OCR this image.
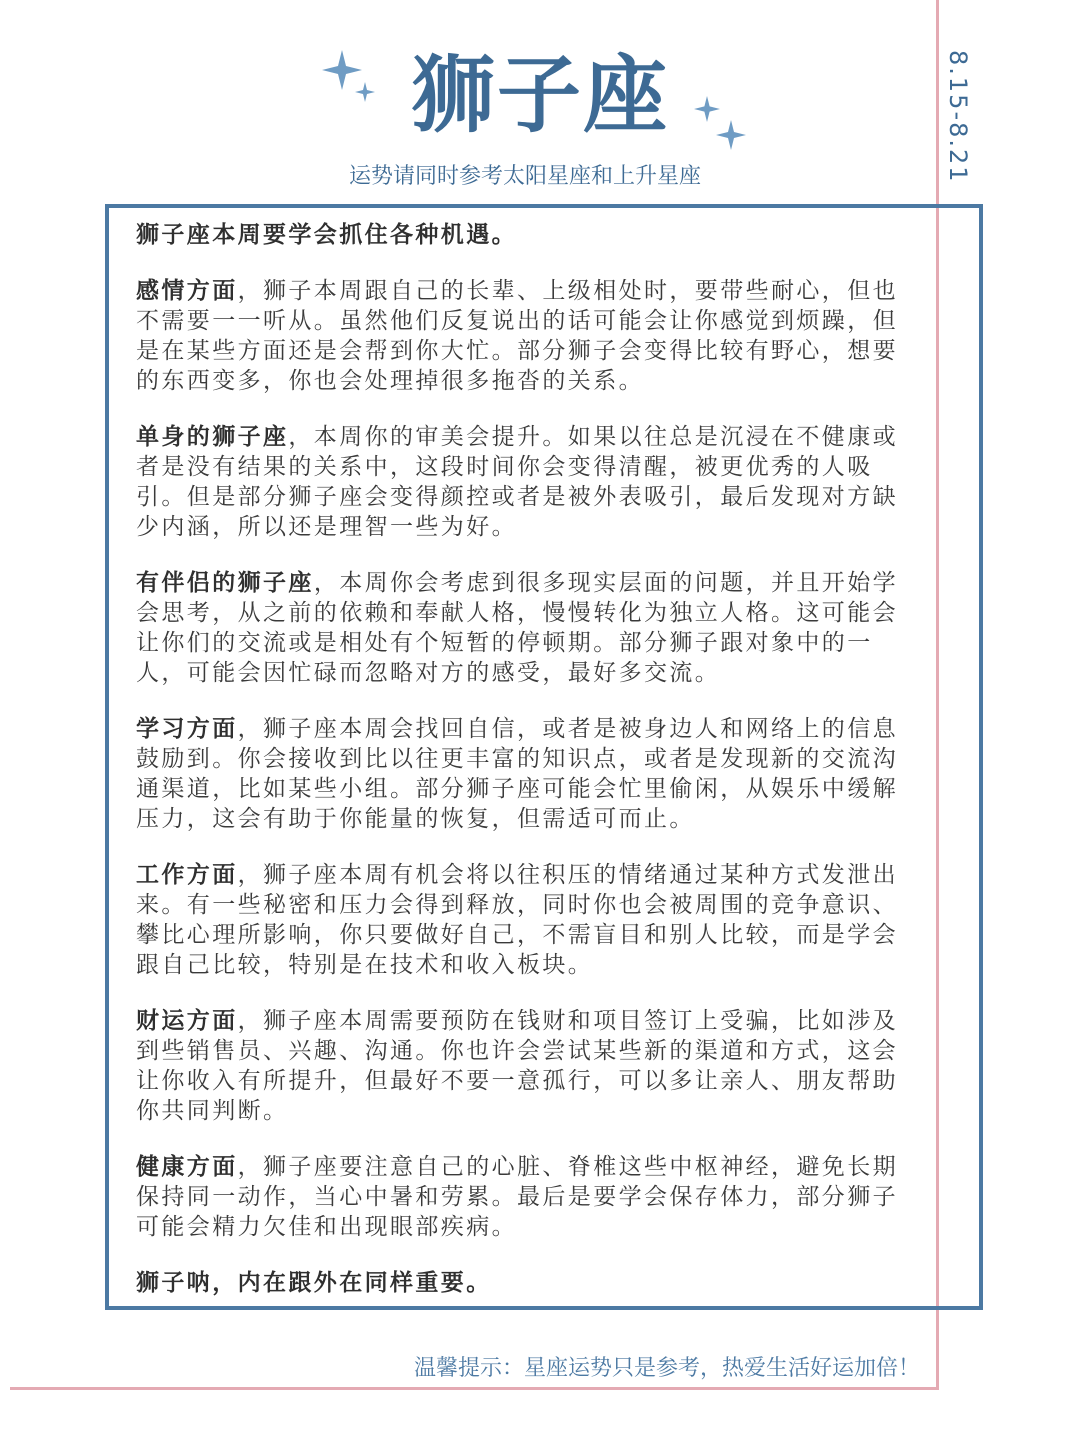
8.15-8.21
狮子座
运势请同时参考太阳星座和上升星座

狮子座本周要学会抓住各种机遇。

感情方面，狮子本周跟自己的长辈、上级相处时，要带些耐心，但也不需要一一听从。虽然他们反复说出的话可能会让你感觉到烦躁，但是在某些方面还是会帮到你大忙。部分狮子会变得比较有野心，想要的东西变多，你也会处理掉很多拖沓的关系。

单身的狮子座，本周你的审美会提升。如果以往总是沉浸在不健康或者是没有结果的关系中，这段时间你会变得清醒，被更优秀的人吸引。但是部分狮子座会变得颜控或者是被外表吸引，最后发现对方缺少内涵，所以还是理智一些为好。

有伴侣的狮子座，本周你会考虑到很多现实层面的问题，并且开始学会思考，从之前的依赖和奉献人格，慢慢转化为独立人格。这可能会让你们的交流或是相处有个短暂的停顿期。部分狮子跟对象中的一人，可能会因忙碌而忽略对方的感受，最好多交流。

学习方面，狮子座本周会找回自信，或者是被身边人和网络上的信息鼓励到。你会接收到比以往更丰富的知识点，或者是发现新的交流沟通渠道，比如某些小组。部分狮子座可能会忙里偷闲，从娱乐中缓解压力，这会有助于你能量的恢复，但需适可而止。

工作方面，狮子座本周有机会将以往积压的情绪通过某种方式发泄出来。有一些秘密和压力会得到释放，同时你也会被周围的竞争意识、攀比心理所影响，你只要做好自己，不需盲目和别人比较，而是学会跟自己比较，特别是在技术和收入板块。

财运方面，狮子座本周需要预防在钱财和项目签订上受骗，比如涉及到些销售员、兴趣、沟通。你也许会尝试某些新的渠道和方式，这会让你收入有所提升，但最好不要一意孤行，可以多让亲人、朋友帮助你共同判断。

健康方面，狮子座要注意自己的心脏、脊椎这些中枢神经，避免长期保持同一动作，当心中暑和劳累。最后是要学会保存体力，部分狮子可能会精力欠佳和出现眼部疾病。

狮子呐，内在跟外在同样重要。

温馨提示：星座运势只是参考，热爱生活好运加倍！
